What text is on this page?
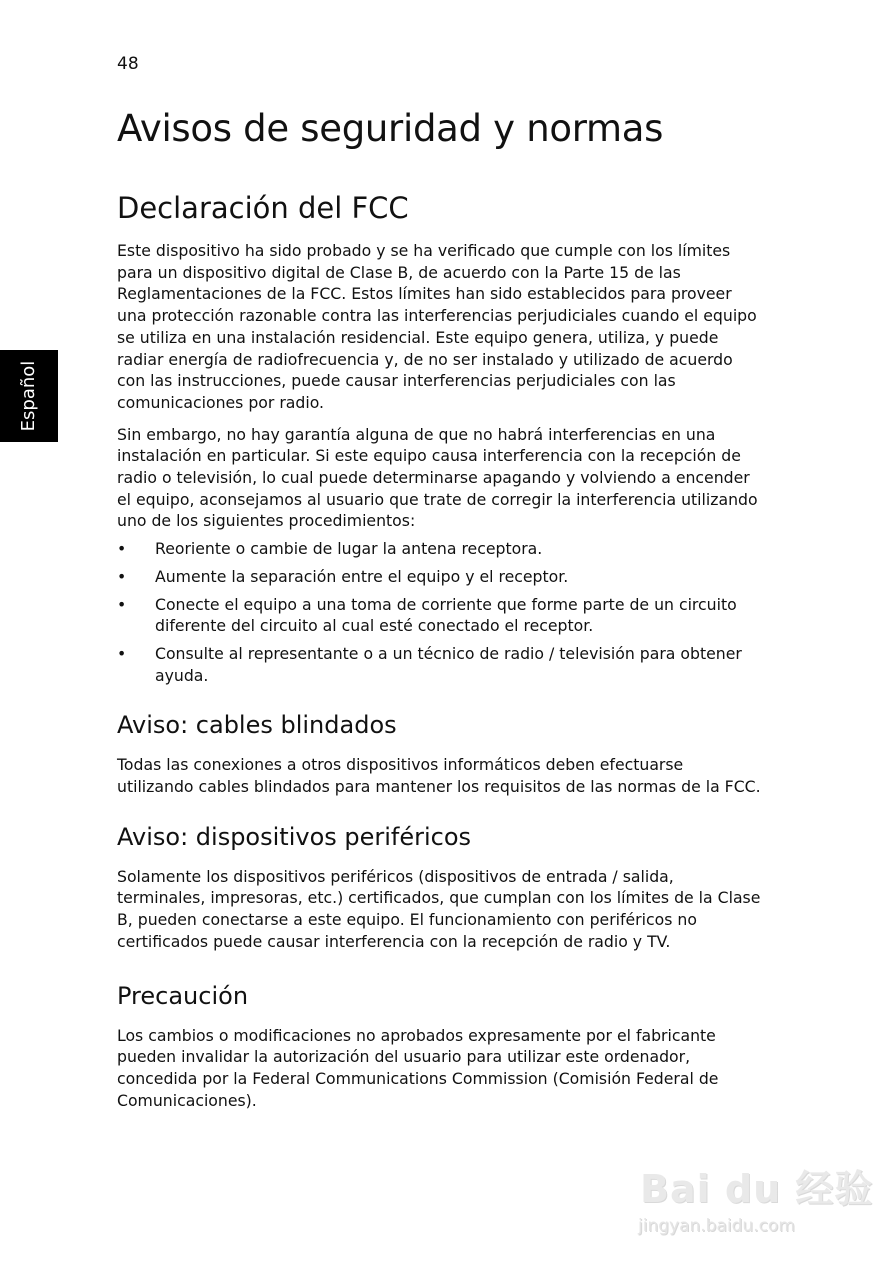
48
Español
Avisos de seguridad y normas
Declaración del FCC

Este dispositivo ha sido probado y se ha verificado que cumple con los límites para un dispositivo digital de Clase B, de acuerdo con la Parte 15 de las Reglamentaciones de la FCC. Estos límites han sido establecidos para proveer una protección razonable contra las interferencias perjudiciales cuando el equipo se utiliza en una instalación residencial. Este equipo genera, utiliza, y puede radiar energía de radiofrecuencia y, de no ser instalado y utilizado de acuerdo con las instrucciones, puede causar interferencias perjudiciales con las comunicaciones por radio.

Sin embargo, no hay garantía alguna de que no habrá interferencias en una instalación en particular. Si este equipo causa interferencia con la recepción de radio o televisión, lo cual puede determinarse apagando y volviendo a encender el equipo, aconsejamos al usuario que trate de corregir la interferencia utilizando uno de los siguientes procedimientos:

• Reoriente o cambie de lugar la antena receptora.
• Aumente la separación entre el equipo y el receptor.
• Conecte el equipo a una toma de corriente que forme parte de un circuito diferente del circuito al cual esté conectado el receptor.
• Consulte al representante o a un técnico de radio / televisión para obtener ayuda.
Aviso: cables blindados

Todas las conexiones a otros dispositivos informáticos deben efectuarse utilizando cables blindados para mantener los requisitos de las normas de la FCC.

Aviso: dispositivos periféricos

Solamente los dispositivos periféricos (dispositivos de entrada / salida, terminales, impresoras, etc.) certificados, que cumplan con los límites de la Clase B, pueden conectarse a este equipo. El funcionamiento con periféricos no certificados puede causar interferencia con la recepción de radio y TV.

Precaución

Los cambios o modificaciones no aprobados expresamente por el fabricante pueden invalidar la autorización del usuario para utilizar este ordenador, concedida por la Federal Communications Commission (Comisión Federal de Comunicaciones).

Bai du 经验
jingyan.baidu.com
